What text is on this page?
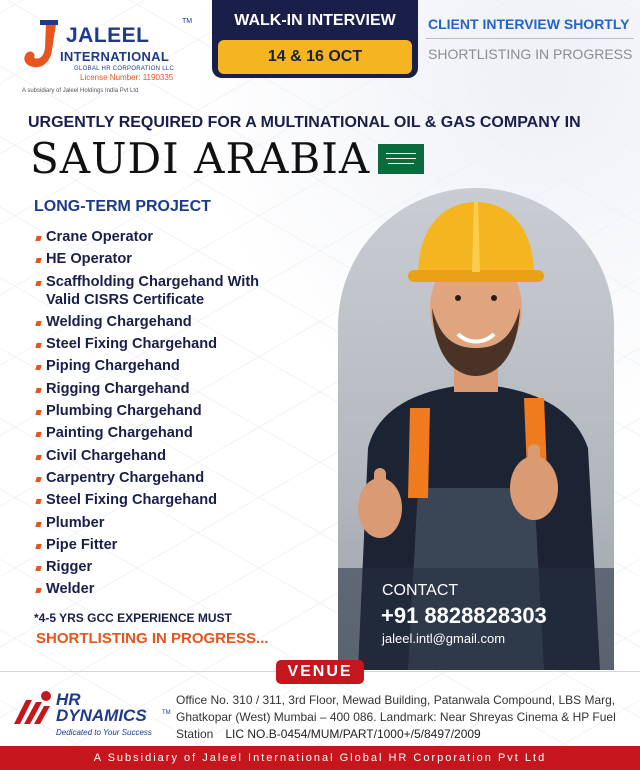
JALEEL
TM
INTERNATIONAL
GLOBAL HR CORPORATION LLC
License Number: 1190335
A subsidiary of Jaleel Holdings India Pvt Ltd
WALK-IN INTERVIEW
14 & 16 OCT
CLIENT INTERVIEW SHORTLY
SHORTLISTING IN PROGRESS
URGENTLY REQUIRED FOR A MULTINATIONAL OIL & GAS COMPANY IN
SAUDI ARABIA
LONG-TERM PROJECT
Crane Operator
HE Operator
Scaffholding Chargehand With Valid CISRS Certificate
Welding Chargehand
Steel Fixing Chargehand
Piping Chargehand
Rigging Chargehand
Plumbing Chargehand
Painting Chargehand
Civil Chargehand
Carpentry Chargehand
Steel Fixing Chargehand
Plumber
Pipe Fitter
Rigger
Welder
*4-5 YRS GCC EXPERIENCE MUST
SHORTLISTING IN PROGRESS...
CONTACT
+91 8828828303
jaleel.intl@gmail.com
VENUE
HR
DYNAMICS	TM
Dedicated to Your Success
Office No. 310 / 311, 3rd Floor, Mewad Building, Patanwala Compound, LBS Marg, Ghatkopar (West) Mumbai – 400 086. Landmark: Near Shreyas Cinema & HP Fuel Station LIC NO.B-0454/MUM/PART/1000+/5/8497/2009
A Subsidiary of Jaleel International Global HR Corporation Pvt Ltd
